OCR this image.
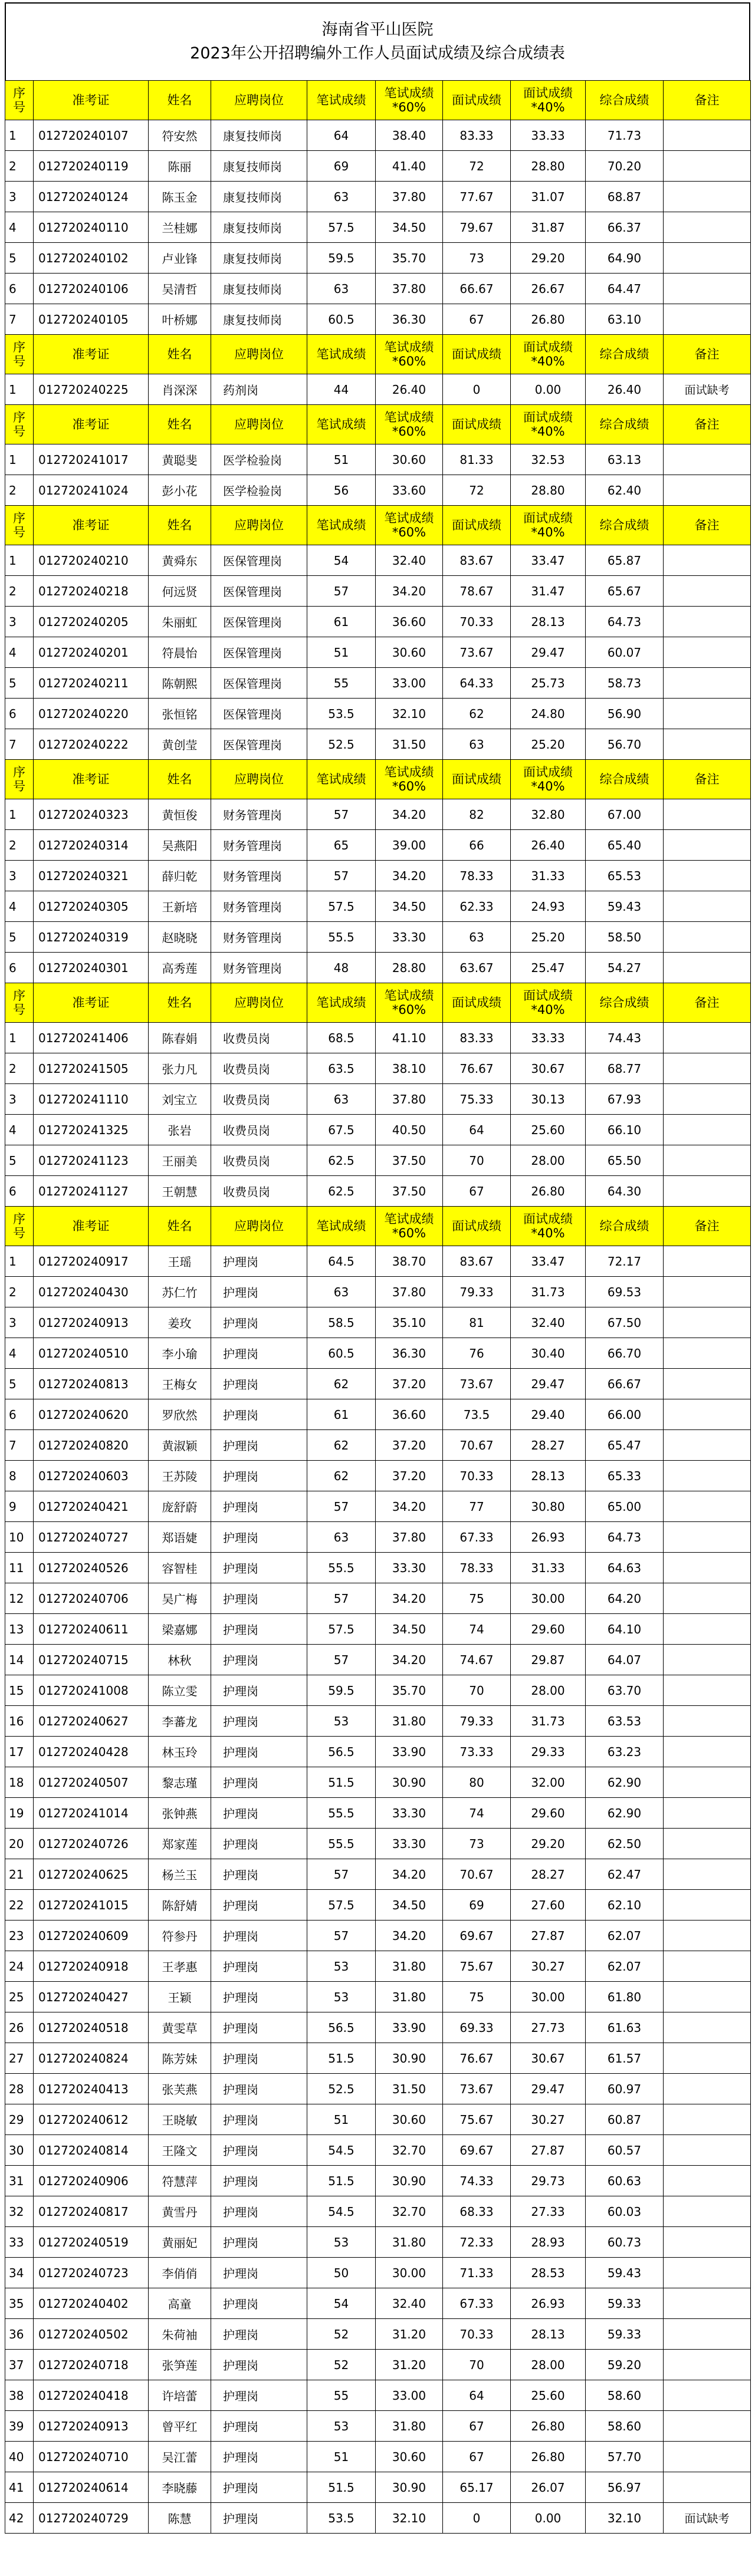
海南省平山医院
2023年公开招聘编外工作人员面试成绩及综合成绩表
序号	准考证	姓名	应聘岗位	笔试成绩	笔试成绩*60%	面试成绩	面试成绩*40%	综合成绩	备注
1	012720240107	符安然	康复技师岗	64	38.40	83.33	33.33	71.73	
2	012720240119	陈丽	康复技师岗	69	41.40	72	28.80	70.20	
3	012720240124	陈玉金	康复技师岗	63	37.80	77.67	31.07	68.87	
4	012720240110	兰桂娜	康复技师岗	57.5	34.50	79.67	31.87	66.37	
5	012720240102	卢业锋	康复技师岗	59.5	35.70	73	29.20	64.90	
6	012720240106	吴清哲	康复技师岗	63	37.80	66.67	26.67	64.47	
7	012720240105	叶桥娜	康复技师岗	60.5	36.30	67	26.80	63.10	
序号	准考证	姓名	应聘岗位	笔试成绩	笔试成绩*60%	面试成绩	面试成绩*40%	综合成绩	备注
1	012720240225	肖深深	药剂岗	44	26.40	0	0.00	26.40	面试缺考
序号	准考证	姓名	应聘岗位	笔试成绩	笔试成绩*60%	面试成绩	面试成绩*40%	综合成绩	备注
1	012720241017	黄聪斐	医学检验岗	51	30.60	81.33	32.53	63.13	
2	012720241024	彭小花	医学检验岗	56	33.60	72	28.80	62.40	
序号	准考证	姓名	应聘岗位	笔试成绩	笔试成绩*60%	面试成绩	面试成绩*40%	综合成绩	备注
1	012720240210	黄舜东	医保管理岗	54	32.40	83.67	33.47	65.87	
2	012720240218	何远贤	医保管理岗	57	34.20	78.67	31.47	65.67	
3	012720240205	朱丽虹	医保管理岗	61	36.60	70.33	28.13	64.73	
4	012720240201	符晨怡	医保管理岗	51	30.60	73.67	29.47	60.07	
5	012720240211	陈朝熙	医保管理岗	55	33.00	64.33	25.73	58.73	
6	012720240220	张恒铭	医保管理岗	53.5	32.10	62	24.80	56.90	
7	012720240222	黄创莹	医保管理岗	52.5	31.50	63	25.20	56.70	
序号	准考证	姓名	应聘岗位	笔试成绩	笔试成绩*60%	面试成绩	面试成绩*40%	综合成绩	备注
1	012720240323	黄恒俊	财务管理岗	57	34.20	82	32.80	67.00	
2	012720240314	吴燕阳	财务管理岗	65	39.00	66	26.40	65.40	
3	012720240321	薛归乾	财务管理岗	57	34.20	78.33	31.33	65.53	
4	012720240305	王新培	财务管理岗	57.5	34.50	62.33	24.93	59.43	
5	012720240319	赵晓晓	财务管理岗	55.5	33.30	63	25.20	58.50	
6	012720240301	高秀莲	财务管理岗	48	28.80	63.67	25.47	54.27	
序号	准考证	姓名	应聘岗位	笔试成绩	笔试成绩*60%	面试成绩	面试成绩*40%	综合成绩	备注
1	012720241406	陈春娟	收费员岗	68.5	41.10	83.33	33.33	74.43	
2	012720241505	张力凡	收费员岗	63.5	38.10	76.67	30.67	68.77	
3	012720241110	刘宝立	收费员岗	63	37.80	75.33	30.13	67.93	
4	012720241325	张岩	收费员岗	67.5	40.50	64	25.60	66.10	
5	012720241123	王丽美	收费员岗	62.5	37.50	70	28.00	65.50	
6	012720241127	王朝慧	收费员岗	62.5	37.50	67	26.80	64.30	
序号	准考证	姓名	应聘岗位	笔试成绩	笔试成绩*60%	面试成绩	面试成绩*40%	综合成绩	备注
1	012720240917	王瑶	护理岗	64.5	38.70	83.67	33.47	72.17	
2	012720240430	苏仁竹	护理岗	63	37.80	79.33	31.73	69.53	
3	012720240913	姜玫	护理岗	58.5	35.10	81	32.40	67.50	
4	012720240510	李小瑜	护理岗	60.5	36.30	76	30.40	66.70	
5	012720240813	王梅女	护理岗	62	37.20	73.67	29.47	66.67	
6	012720240620	罗欣然	护理岗	61	36.60	73.5	29.40	66.00	
7	012720240820	黄淑颖	护理岗	62	37.20	70.67	28.27	65.47	
8	012720240603	王苏陵	护理岗	62	37.20	70.33	28.13	65.33	
9	012720240421	庞舒蔚	护理岗	57	34.20	77	30.80	65.00	
10	012720240727	郑语婕	护理岗	63	37.80	67.33	26.93	64.73	
11	012720240526	容智桂	护理岗	55.5	33.30	78.33	31.33	64.63	
12	012720240706	吴广梅	护理岗	57	34.20	75	30.00	64.20	
13	012720240611	梁嘉娜	护理岗	57.5	34.50	74	29.60	64.10	
14	012720240715	林秋	护理岗	57	34.20	74.67	29.87	64.07	
15	012720241008	陈立雯	护理岗	59.5	35.70	70	28.00	63.70	
16	012720240627	李蕃龙	护理岗	53	31.80	79.33	31.73	63.53	
17	012720240428	林玉玲	护理岗	56.5	33.90	73.33	29.33	63.23	
18	012720240507	黎志瑾	护理岗	51.5	30.90	80	32.00	62.90	
19	012720241014	张钟燕	护理岗	55.5	33.30	74	29.60	62.90	
20	012720240726	郑家莲	护理岗	55.5	33.30	73	29.20	62.50	
21	012720240625	杨兰玉	护理岗	57	34.20	70.67	28.27	62.47	
22	012720241015	陈舒婧	护理岗	57.5	34.50	69	27.60	62.10	
23	012720240609	符参丹	护理岗	57	34.20	69.67	27.87	62.07	
24	012720240918	王孝惠	护理岗	53	31.80	75.67	30.27	62.07	
25	012720240427	王颖	护理岗	53	31.80	75	30.00	61.80	
26	012720240518	黄雯草	护理岗	56.5	33.90	69.33	27.73	61.63	
27	012720240824	陈芳妹	护理岗	51.5	30.90	76.67	30.67	61.57	
28	012720240413	张芙燕	护理岗	52.5	31.50	73.67	29.47	60.97	
29	012720240612	王晓敏	护理岗	51	30.60	75.67	30.27	60.87	
30	012720240814	王隆文	护理岗	54.5	32.70	69.67	27.87	60.57	
31	012720240906	符慧萍	护理岗	51.5	30.90	74.33	29.73	60.63	
32	012720240817	黄雪丹	护理岗	54.5	32.70	68.33	27.33	60.03	
33	012720240519	黄丽妃	护理岗	53	31.80	72.33	28.93	60.73	
34	012720240723	李俏俏	护理岗	50	30.00	71.33	28.53	59.43	
35	012720240402	高童	护理岗	54	32.40	67.33	26.93	59.33	
36	012720240502	朱荷袖	护理岗	52	31.20	70.33	28.13	59.33	
37	012720240718	张笋莲	护理岗	52	31.20	70	28.00	59.20	
38	012720240418	许培蕾	护理岗	55	33.00	64	25.60	58.60	
39	012720240913	曾平红	护理岗	53	31.80	67	26.80	58.60	
40	012720240710	吴江蕾	护理岗	51	30.60	67	26.80	57.70	
41	012720240614	李晓藤	护理岗	51.5	30.90	65.17	26.07	56.97	
42	012720240729	陈慧	护理岗	53.5	32.10	0	0.00	32.10	面试缺考
